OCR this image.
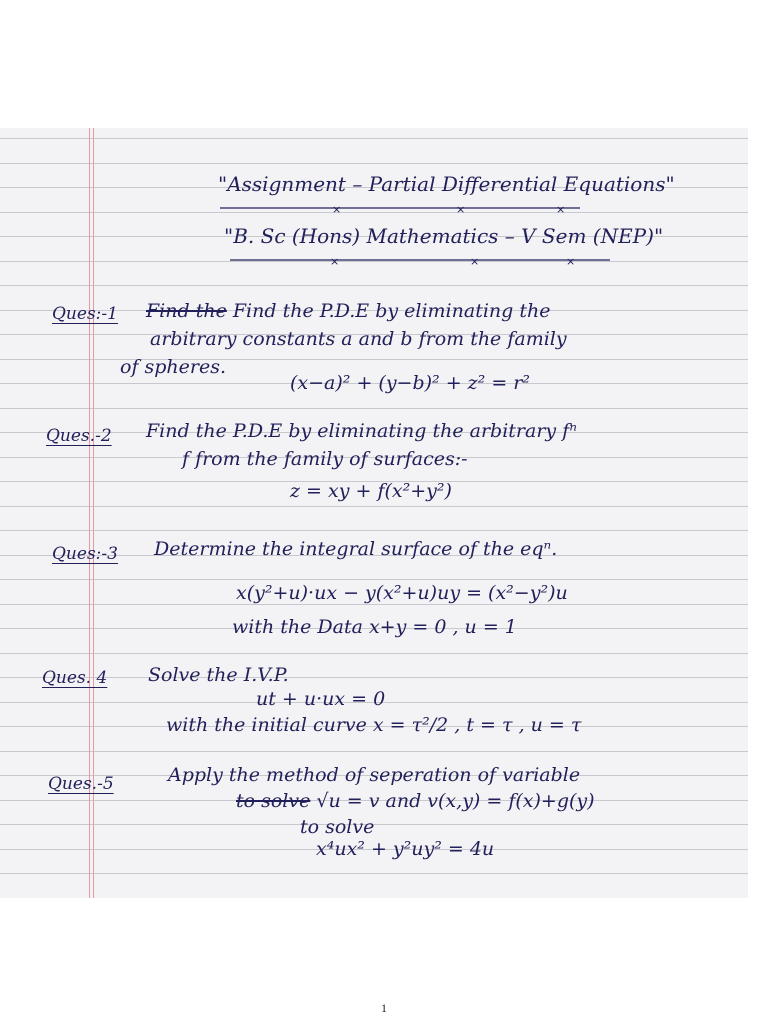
"Assignment – Partial Differential Equations"
×	×	×
"B. Sc (Hons) Mathematics – V Sem (NEP)"
×	×	×
Ques:-1 Find the Find the P.D.E by eliminating the
arbitrary constants a and b from the family
of spheres.
(x−a)² + (y−b)² + z² = r²
Ques.-2 Find the P.D.E by eliminating the arbitrary fⁿ
f from the family of surfaces:-
z = xy + f(x²+y²)
Ques:-3 Determine the integral surface of the eqⁿ.
x(y²+u)·ux − y(x²+u)uy = (x²−y²)u
with the Data x+y = 0 , u = 1
Ques. 4 Solve the I.V.P.
ut + u·ux = 0
with the initial curve x = τ²/2 , t = τ , u = τ
Ques.-5	Apply the method of seperation of variable
to solve √u = v and v(x,y) = f(x)+g(y)
to solve
x⁴ux² + y²uy² = 4u
1
